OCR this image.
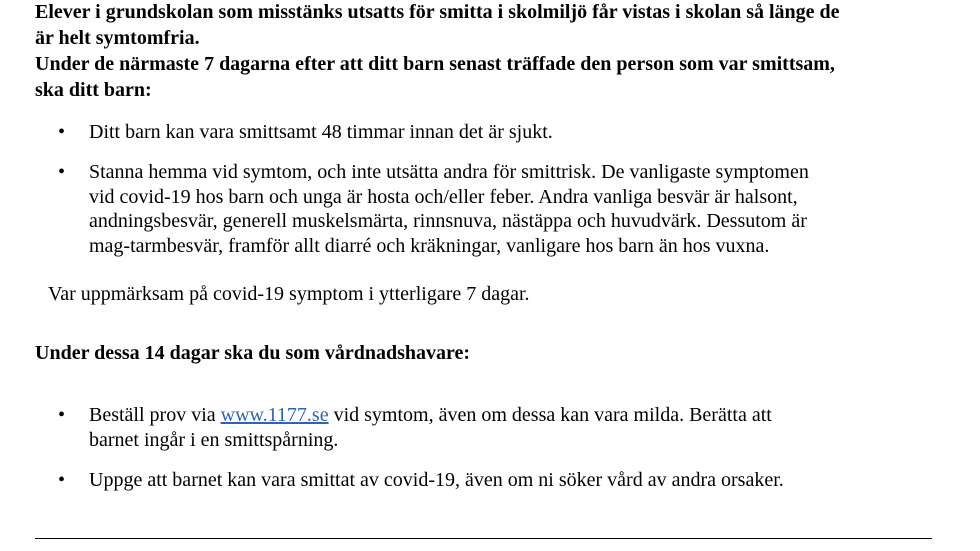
Elever i grundskolan som misstänks utsatts för smitta i skolmiljö får vistas i skolan så länge de
är helt symtomfria.
Under de närmaste 7 dagarna efter att ditt barn senast träffade den person som var smittsam,
ska ditt barn:
• Ditt barn kan vara smittsamt 48 timmar innan det är sjukt.
• Stanna hemma vid symtom, och inte utsätta andra för smittrisk. De vanligaste symptomen
vid covid-19 hos barn och unga är hosta och/eller feber. Andra vanliga besvär är halsont,
andningsbesvär, generell muskelsmärta, rinnsnuva, nästäppa och huvudvärk. Dessutom är
mag-tarmbesvär, framför allt diarré och kräkningar, vanligare hos barn än hos vuxna.
Var uppmärksam på covid-19 symptom i ytterligare 7 dagar.
Under dessa 14 dagar ska du som vårdnadshavare:
• Beställ prov via www.1177.se vid symtom, även om dessa kan vara milda. Berätta att
barnet ingår i en smittspårning.
• Uppge att barnet kan vara smittat av covid-19, även om ni söker vård av andra orsaker.
